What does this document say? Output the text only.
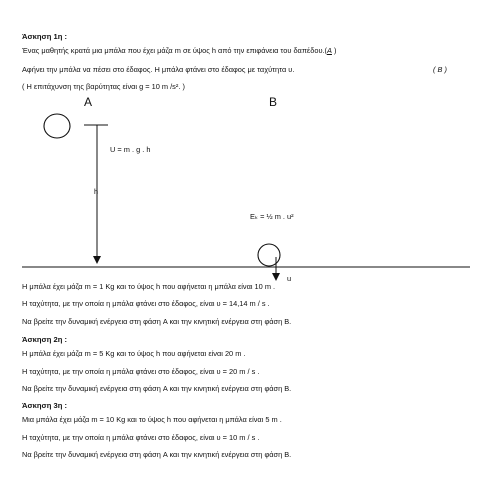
Άσκηση 1η :
Ένας μαθητής κρατά μια μπάλα που έχει μάζα m σε ύψος h από την επιφάνεια του δαπέδου.(A )
Αφήνει την μπάλα να πέσει στο έδαφος. Η μπάλα φτάνει στο έδαφος με ταχύτητα υ.	( B )
( Η επιτάχυνση της βαρύτητας είναι g = 10 m /s². )
A	B
U = m . g . h
h
Eₖ = ½ m . u²
u
Η μπάλα έχει μάζα m = 1 Kg και το ύψος h που αφήνεται η μπάλα είναι 10 m .
Η ταχύτητα, με την οποία η μπάλα φτάνει στο έδαφος, είναι υ = 14,14 m / s .
Να βρείτε την δυναμική ενέργεια στη φάση A και την κινητική ενέργεια στη φάση B.
Άσκηση 2η :
Η μπάλα έχει μάζα m = 5 Kg και το ύψος h που αφήνεται είναι 20 m .
Η ταχύτητα, με την οποία η μπάλα φτάνει στο έδαφος, είναι υ = 20 m / s .
Να βρείτε την δυναμική ενέργεια στη φάση A και την κινητική ενέργεια στη φάση B.
Άσκηση 3η :
Μια μπάλα έχει μάζα m = 10 Kg και το ύψος h που αφήνεται η μπάλα είναι 5 m .
Η ταχύτητα, με την οποία η μπάλα φτάνει στο έδαφος, είναι υ = 10 m / s .
Να βρείτε την δυναμική ενέργεια στη φάση A και την κινητική ενέργεια στη φάση B.
